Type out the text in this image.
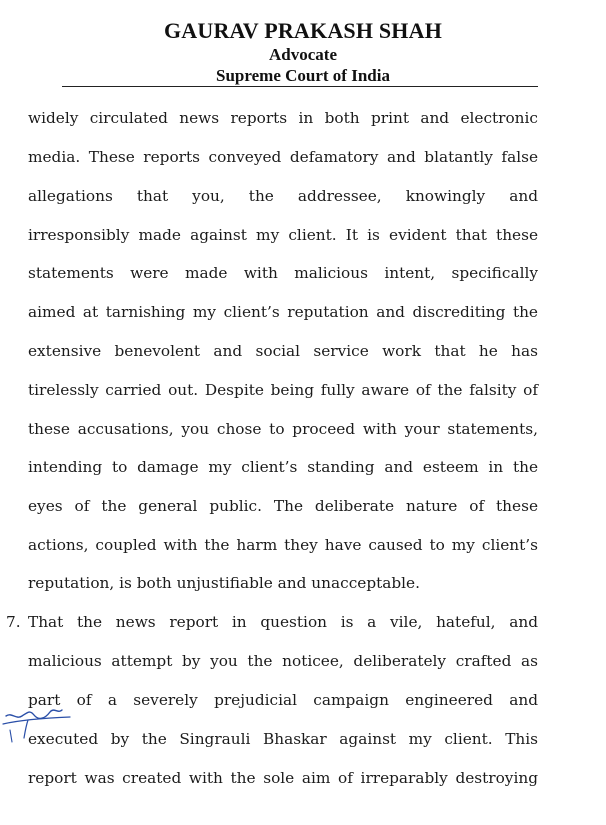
GAURAV PRAKASH SHAH
Advocate
Supreme Court of India
widely circulated news reports in both print and electronic
media. These reports conveyed defamatory and blatantly false
allegations that you, the addressee, knowingly and
irresponsibly made against my client. It is evident that these
statements were made with malicious intent, specifically
aimed at tarnishing my client’s reputation and discrediting the
extensive benevolent and social service work that he has
tirelessly carried out. Despite being fully aware of the falsity of
these accusations, you chose to proceed with your statements,
intending to damage my client’s standing and esteem in the
eyes of the general public. The deliberate nature of these
actions, coupled with the harm they have caused to my client’s
reputation, is both unjustifiable and unacceptable.
That the news report in question is a vile, hateful, and
malicious attempt by you the noticee, deliberately crafted as
part of a severely prejudicial campaign engineered and
executed by the Singrauli Bhaskar against my client. This
report was created with the sole aim of irreparably destroying
7.
